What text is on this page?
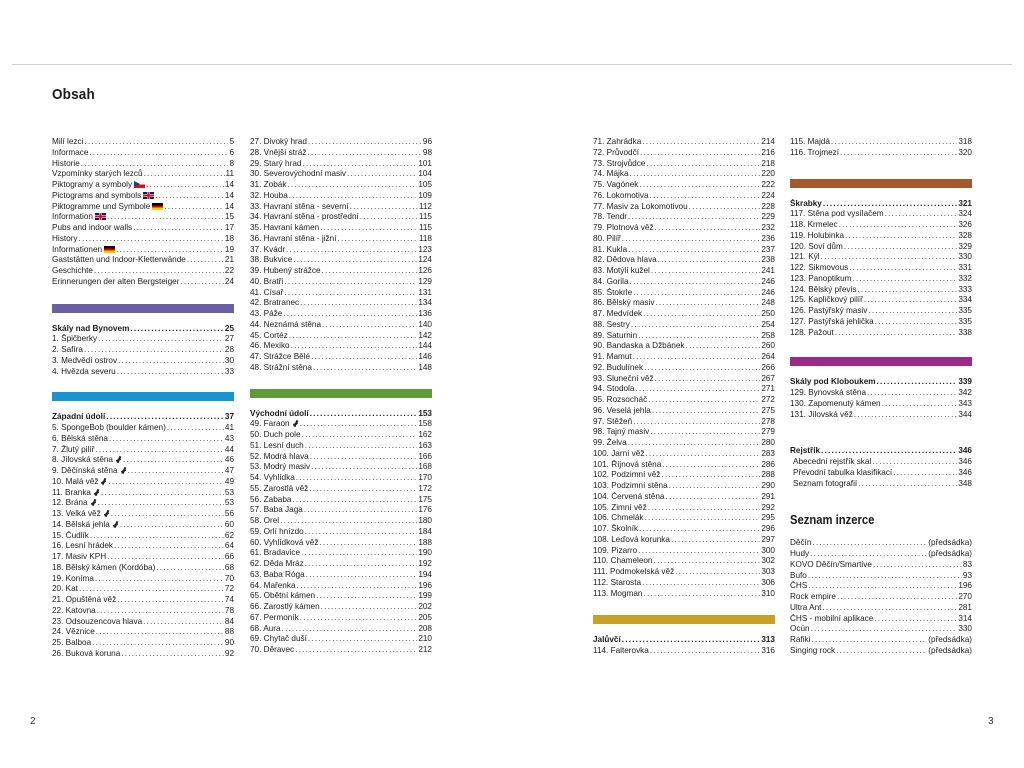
Obsah
Milí lezci .....	5
Informace .....	6
Historie .....	8
Vzpomínky starých lezců .....	11
Piktogramy a symboly .....	14
Pictograms and symbols .....	14
Piktogramme und Symbole .....	14
Information .....	15
Pubs and indoor walls .....	17
History .....	18
Informationen .....	19
Gaststätten und Indoor-Kletterwände .....	21
Geschichte .....	22
Erinnerungen der alten Bergsteiger .....	24
Skály nad Bynovem .....	25
1. Špičberky .....	27
2. Safíra .....	28
3. Medvědí ostrov .....	30
4. Hvězda severu .....	33
Západní údolí .....	37
5. SpongeBob (boulder kámen) .....	41
6. Bělská stěna .....	43
7. Žlutý pilíř .....	44
8. Jílovská stěna .....	46
9. Děčínská stěna .....	47
10. Malá věž .....	49
11. Branka .....	53
12. Brána .....	53
13. Velká věž .....	56
14. Bělská jehla .....	60
15. Čudlík .....	62
16. Lesní hrádek .....	64
17. Masiv KPH .....	66
18. Bělský kámen (Kordóba) .....	68
19. Koníma .....	70
20. Kat .....	72
21. Opuštěná věž .....	74
22. Katovna .....	78
23. Odsouzencova hlava .....	84
24. Věznice .....	88
25. Balboa .....	90
26. Buková koruna .....	92
27. Divoký hrad .....	96
28. Vnější stráž .....	98
29. Starý hrad .....	101
30. Severovýchodní masiv .....	104
31. Zobák .....	105
32. Houba .....	109
33. Havraní stěna - severní .....	112
34. Havraní stěna - prostřední .....	115
35. Havraní kámen .....	115
36. Havraní stěna - jižní .....	118
37. Kvádr .....	123
38. Bukvice .....	124
39. Hubený strážce .....	126
40. Bratři .....	129
41. Císař .....	131
42. Bratranec .....	134
43. Páže .....	136
44. Neznámá stěna .....	140
45. Cortéz .....	142
46. Mexiko .....	144
47. Strážce Bělé .....	146
48. Strážní stěna .....	148
Východní údolí .....	153
49. Faraon .....	158
50. Duch pole .....	162
51. Lesní duch .....	163
52. Modrá hlava .....	166
53. Modrý masiv .....	168
54. Vyhlídka .....	170
55. Zarostlá věž .....	172
56. Zababa .....	175
57. Baba Jaga .....	176
58. Orel .....	180
59. Orlí hnízdo .....	184
60. Vyhlídková věž .....	188
61. Bradavice .....	190
62. Děda Mráz .....	192
63. Baba Róga .....	194
64. Mařenka .....	196
65. Obětní kámen .....	199
66. Zarostlý kámen .....	202
67. Permoník .....	205
68. Aura .....	208
69. Chytač duší .....	210
70. Děravec .....	212
71. Zahrádka .....	214
72. Průvodčí .....	216
73. Strojvůdce .....	218
74. Májka .....	220
75. Vagónek .....	222
76. Lokomotiva .....	224
77. Masiv za Lokomotivou .....	228
78. Tendr .....	229
79. Plotnová věž .....	232
80. Pilíř .....	236
81. Kukla .....	237
82. Dědova hlava .....	238
83. Motýlí kužel .....	241
84. Gorila .....	246
85. Štokrle .....	246
86. Bělský masiv .....	248
87. Medvídek .....	250
88. Sestry .....	254
89. Saturnin .....	258
90. Bandaska a Džbánek .....	260
91. Mamut .....	264
92. Budulínek .....	266
93. Sluneční věž .....	267
94. Stodola .....	271
95. Rozsocháč .....	272
96. Veselá jehla .....	275
97. Stěžeň .....	278
98. Tajný masiv .....	279
99. Želva .....	280
100. Jarní věž .....	283
101. Říjnová stěna .....	286
102. Podzimní věž .....	288
103. Podzimní stěna .....	290
104. Červená stěna .....	291
105. Zimní věž .....	292
106. Chmelák .....	295
107. Školník .....	296
108. Leďová korunka .....	297
109. Pizarro .....	300
110. Chameleon .....	302
111. Podmokelská věž .....	303
112. Starosta .....	306
113. Mogman .....	310
Jalůvčí .....	313
114. Falterovka .....	316
115. Majdá .....	318
116. Trojmezí .....	320
Škrabky .....	321
117. Stěna pod vysílačem .....	324
118. Krmelec .....	326
119. Holubinka .....	328
120. Soví dům .....	329
121. Kýl .....	330
122. Sikmovous .....	331
123. Panoptikum .....	332
124. Bělský převis .....	333
125. Kapličkový pilíř .....	334
126. Pastýřský masiv .....	335
127. Pastýřská jehlička .....	335
128. Pažout .....	338
Skály pod Kloboukem .....	339
129. Bynovská stěna .....	342
130. Zapomenutý kámen .....	343
131. Jílovská věž .....	344
Rejstřík .....	346
Abecední rejstřík skal .....	346
Převodní tabulka klasifikací .....	346
Seznam fotografií .....	348
Seznam inzerce
Děčín .....	(předsádka)
Hudy .....	(předsádka)
KOVO Děčín/Smartive .....	83
Bufo .....	93
ČHS .....	196
Rock empire .....	270
Ultra Ant .....	281
ČHS - mobilní aplikace .....	314
Ocún .....	330
Rafiki .....	(předsádka)
Singing rock .....	(předsádka)
2	3
